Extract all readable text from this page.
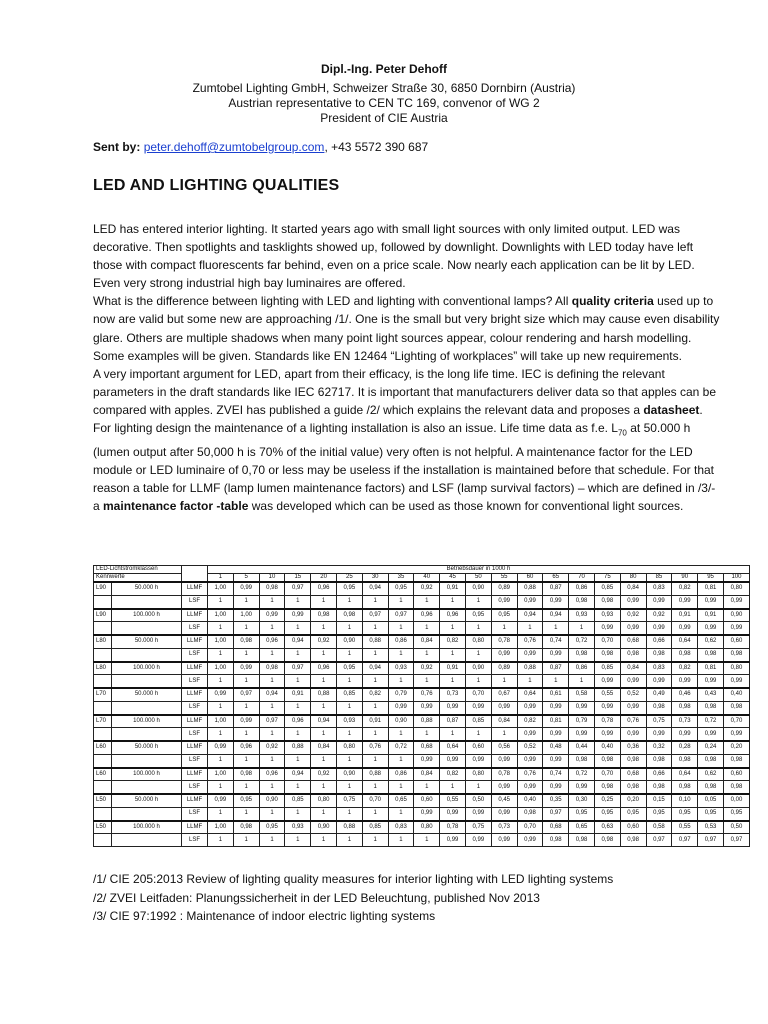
Dipl.-Ing. Peter Dehoff
Zumtobel Lighting GmbH, Schweizer Straße 30, 6850 Dornbirn (Austria)
Austrian representative to CEN TC 169, convenor of WG 2
President of CIE Austria
Sent by: peter.dehoff@zumtobelgroup.com, +43 5572 390 687
LED AND LIGHTING QUALITIES

LED has entered interior lighting. It started years ago with small light sources with only limited output. LED was decorative. Then spotlights and tasklights showed up, followed by downlight. Downlights with LED today have left those with compact fluorescents far behind, even on a price scale. Now nearly each application can be lit by LED. Even very strong industrial high bay luminaires are offered.

What is the difference between lighting with LED and lighting with conventional lamps? All quality criteria used up to now are valid but some new are approaching /1/. One is the small but very bright size which may cause even disability glare. Others are multiple shadows when many point light sources appear, colour rendering and harsh modelling. Some examples will be given. Standards like EN 12464 “Lighting of workplaces” will take up new requirements.

A very important argument for LED, apart from their efficacy, is the long life time. IEC is defining the relevant parameters in the draft standards like IEC 62717. It is important that manufacturers deliver data so that apples can be compared with apples. ZVEI has published a guide /2/ which explains the relevant data and proposes a datasheet.

For lighting design the maintenance of a lighting installation is also an issue. Life time data as f.e. $L_{70}$ at 50.000 h (lumen output after 50,000 h is 70% of the initial value) very often is not helpful. A maintenance factor for the LED module or LED luminaire of 0,70 or less may be useless if the installation is maintained before that schedule. For that reason a table for LLMF (lamp lumen maintenance factors) and LSF (lamp survival factors) – which are defined in /3/- a maintenance factor -table was developed which can be used as those known for conventional light sources.

LED-Lichtstromklassen			Betriebsdauer in 1000 h																				
Kennwerte			1	5	10	15	20	25	30	35	40	45	50	55	60	65	70	75	80	85	90	95	100
L90	50.000 h	LLMF	1,00	0,99	0,98	0,97	0,96	0,95	0,94	0,95	0,92	0,91	0,90	0,89	0,88	0,87	0,86	0,85	0,84	0,83	0,82	0,81	0,80
		LSF	1	1	1	1	1	1	1	1	1	1	1	0,99	0,99	0,99	0,98	0,98	0,99	0,99	0,99	0,99	0,99
L90	100.000 h	LLMF	1,00	1,00	0,99	0,99	0,98	0,98	0,97	0,97	0,96	0,96	0,95	0,95	0,94	0,94	0,93	0,93	0,92	0,92	0,91	0,91	0,90
		LSF	1	1	1	1	1	1	1	1	1	1	1	1	1	1	1	0,99	0,99	0,99	0,99	0,99	0,99
L80	50.000 h	LLMF	1,00	0,98	0,96	0,94	0,92	0,90	0,88	0,86	0,84	0,82	0,80	0,78	0,76	0,74	0,72	0,70	0,68	0,66	0,64	0,62	0,60
		LSF	1	1	1	1	1	1	1	1	1	1	1	0,99	0,99	0,99	0,98	0,98	0,98	0,98	0,98	0,98	0,98
L80	100.000 h	LLMF	1,00	0,99	0,98	0,97	0,96	0,95	0,94	0,93	0,92	0,91	0,90	0,89	0,88	0,87	0,86	0,85	0,84	0,83	0,82	0,81	0,80
		LSF	1	1	1	1	1	1	1	1	1	1	1	1	1	1	1	0,99	0,99	0,99	0,99	0,99	0,99
L70	50.000 h	LLMF	0,99	0,97	0,94	0,91	0,88	0,85	0,82	0,79	0,76	0,73	0,70	0,67	0,64	0,61	0,58	0,55	0,52	0,49	0,46	0,43	0,40
		LSF	1	1	1	1	1	1	1	0,99	0,99	0,99	0,99	0,99	0,99	0,99	0,99	0,99	0,99	0,98	0,98	0,98	0,98
L70	100.000 h	LLMF	1,00	0,99	0,97	0,96	0,94	0,93	0,91	0,90	0,88	0,87	0,85	0,84	0,82	0,81	0,79	0,78	0,76	0,75	0,73	0,72	0,70
		LSF	1	1	1	1	1	1	1	1	1	1	1	1	0,99	0,99	0,99	0,99	0,99	0,99	0,99	0,99	0,99
L60	50.000 h	LLMF	0,99	0,96	0,92	0,88	0,84	0,80	0,76	0,72	0,68	0,64	0,60	0,56	0,52	0,48	0,44	0,40	0,36	0,32	0,28	0,24	0,20
		LSF	1	1	1	1	1	1	1	1	0,99	0,99	0,99	0,99	0,99	0,99	0,98	0,98	0,98	0,98	0,98	0,98	0,98
L60	100.000 h	LLMF	1,00	0,98	0,96	0,94	0,92	0,90	0,88	0,86	0,84	0,82	0,80	0,78	0,76	0,74	0,72	0,70	0,68	0,66	0,64	0,62	0,60
		LSF	1	1	1	1	1	1	1	1	1	1	1	0,99	0,99	0,99	0,99	0,98	0,98	0,98	0,98	0,98	0,98
L50	50.000 h	LLMF	0,99	0,95	0,90	0,85	0,80	0,75	0,70	0,65	0,60	0,55	0,50	0,45	0,40	0,35	0,30	0,25	0,20	0,15	0,10	0,05	0,00
		LSF	1	1	1	1	1	1	1	1	0,99	0,99	0,99	0,99	0,98	0,97	0,95	0,95	0,95	0,95	0,95	0,95	0,95
L50	100.000 h	LLMF	1,00	0,98	0,95	0,93	0,90	0,88	0,85	0,83	0,80	0,78	0,75	0,73	0,70	0,68	0,65	0,63	0,60	0,58	0,55	0,53	0,50
		LSF	1	1	1	1	1	1	1	1	1	0,99	0,99	0,99	0,99	0,98	0,98	0,98	0,98	0,97	0,97	0,97	0,97
/1/ CIE 205:2013 Review of lighting quality measures for interior lighting with LED lighting systems
/2/ ZVEI Leitfaden: Planungssicherheit in der LED Beleuchtung, published Nov 2013
/3/ CIE 97:1992 : Maintenance of indoor electric lighting systems
